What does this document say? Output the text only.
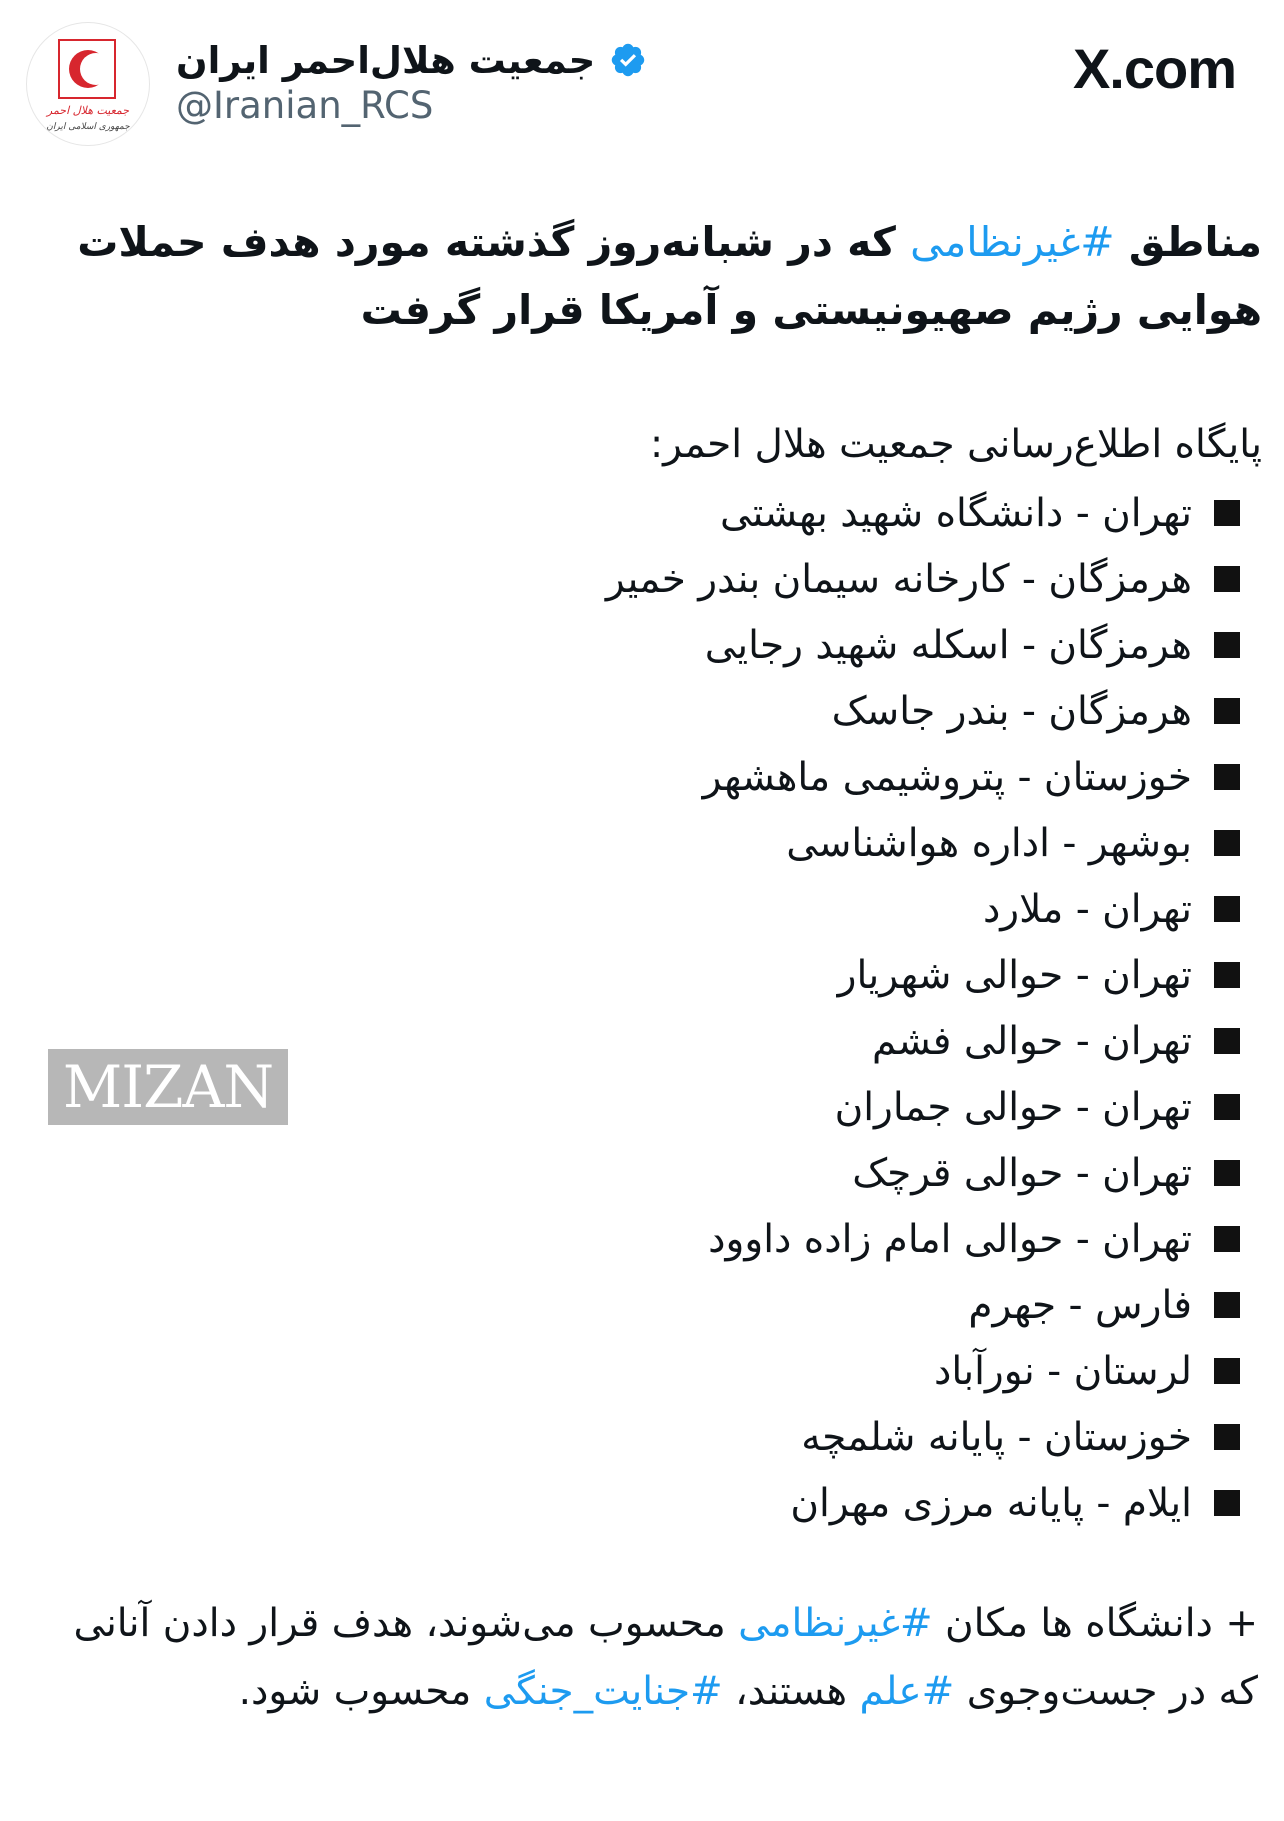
جمعیت هلال احمر
جمهوری اسلامی ایران
جمعیت هلال‌احمر ایران
@Iranian_RCS
X.com
مناطق #غیرنظامی که در شبانه‌روز گذشته مورد هدف حملات هوایی رژیم صهیونیستی و آمریکا قرار گرفت
پایگاه اطلاع‌رسانی جمعیت هلال احمر:
تهران - دانشگاه شهید بهشتی
هرمزگان - کارخانه سیمان بندر خمیر
هرمزگان - اسکله شهید رجایی
هرمزگان - بندر جاسک
خوزستان - پتروشیمی ماهشهر
بوشهر - اداره هواشناسی
تهران - ملارد
تهران - حوالی شهریار
تهران - حوالی فشم
تهران - حوالی جماران
تهران - حوالی قرچک
تهران - حوالی امام زاده داوود
فارس - جهرم
لرستان - نورآباد
خوزستان - پایانه شلمچه
ایلام - پایانه مرزی مهران
+ دانشگاه ها مکان #غیرنظامی محسوب می‌شوند، هدف قرار دادن آنانی که در جست‌وجوی #علم هستند، #جنایت_جنگی محسوب شود.
MIZAN
